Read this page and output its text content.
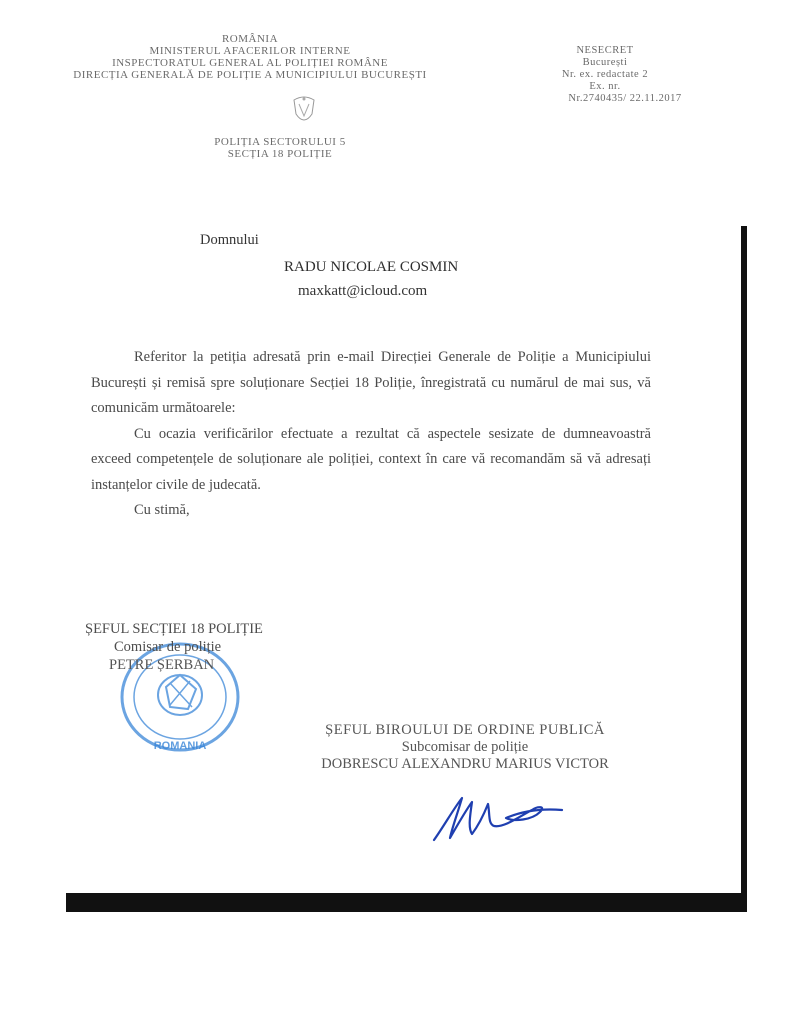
ROMÂNIA
MINISTERUL AFACERILOR INTERNE
INSPECTORATUL GENERAL AL POLIȚIEI ROMÂNE
DIRECȚIA GENERALĂ DE POLIȚIE A MUNICIPIULUI BUCUREȘTI
POLIȚIA SECTORULUI 5
SECȚIA 18 POLIȚIE
NESECRET
București
Nr. ex. redactate 2
Ex. nr.
Nr.2740435/ 22.11.2017
Domnului
RADU NICOLAE COSMIN
maxkatt@icloud.com

Referitor la petiția adresată prin e-mail Direcției Generale de Poliție a Municipiului București și remisă spre soluționare Secției 18 Poliție, înregistrată cu numărul de mai sus, vă comunicăm următoarele:

Cu ocazia verificărilor efectuate a rezultat că aspectele sesizate de dumneavoastră exceed competențele de soluționare ale poliției, context în care vă recomandăm să vă adresați instanțelor civile de judecată.

Cu stimă,

ROMANIA
ȘEFUL SECȚIEI 18 POLIȚIE
Comisar de poliție
PETRE ȘERBAN
ȘEFUL BIROULUI DE ORDINE PUBLICĂ
Subcomisar de poliție
DOBRESCU ALEXANDRU MARIUS VICTOR
